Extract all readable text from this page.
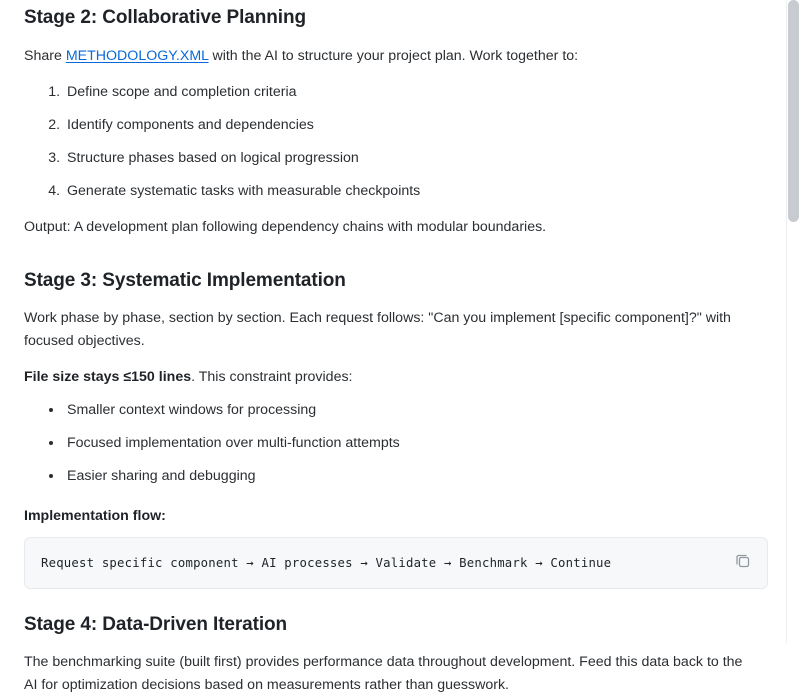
Stage 2: Collaborative Planning

Share METHODOLOGY.XML with the AI to structure your project plan. Work together to:

1. Define scope and completion criteria
2. Identify components and dependencies
3. Structure phases based on logical progression
4. Generate systematic tasks with measurable checkpoints

Output: A development plan following dependency chains with modular boundaries.

Stage 3: Systematic Implementation

Work phase by phase, section by section. Each request follows: "Can you implement [specific component]?" with focused objectives.

File size stays ≤150 lines. This constraint provides:

• Smaller context windows for processing
• Focused implementation over multi-function attempts
• Easier sharing and debugging

Implementation flow:

Request specific component → AI processes → Validate → Benchmark → Continue
Stage 4: Data-Driven Iteration

The benchmarking suite (built first) provides performance data throughout development. Feed this data back to the AI for optimization decisions based on measurements rather than guesswork.
